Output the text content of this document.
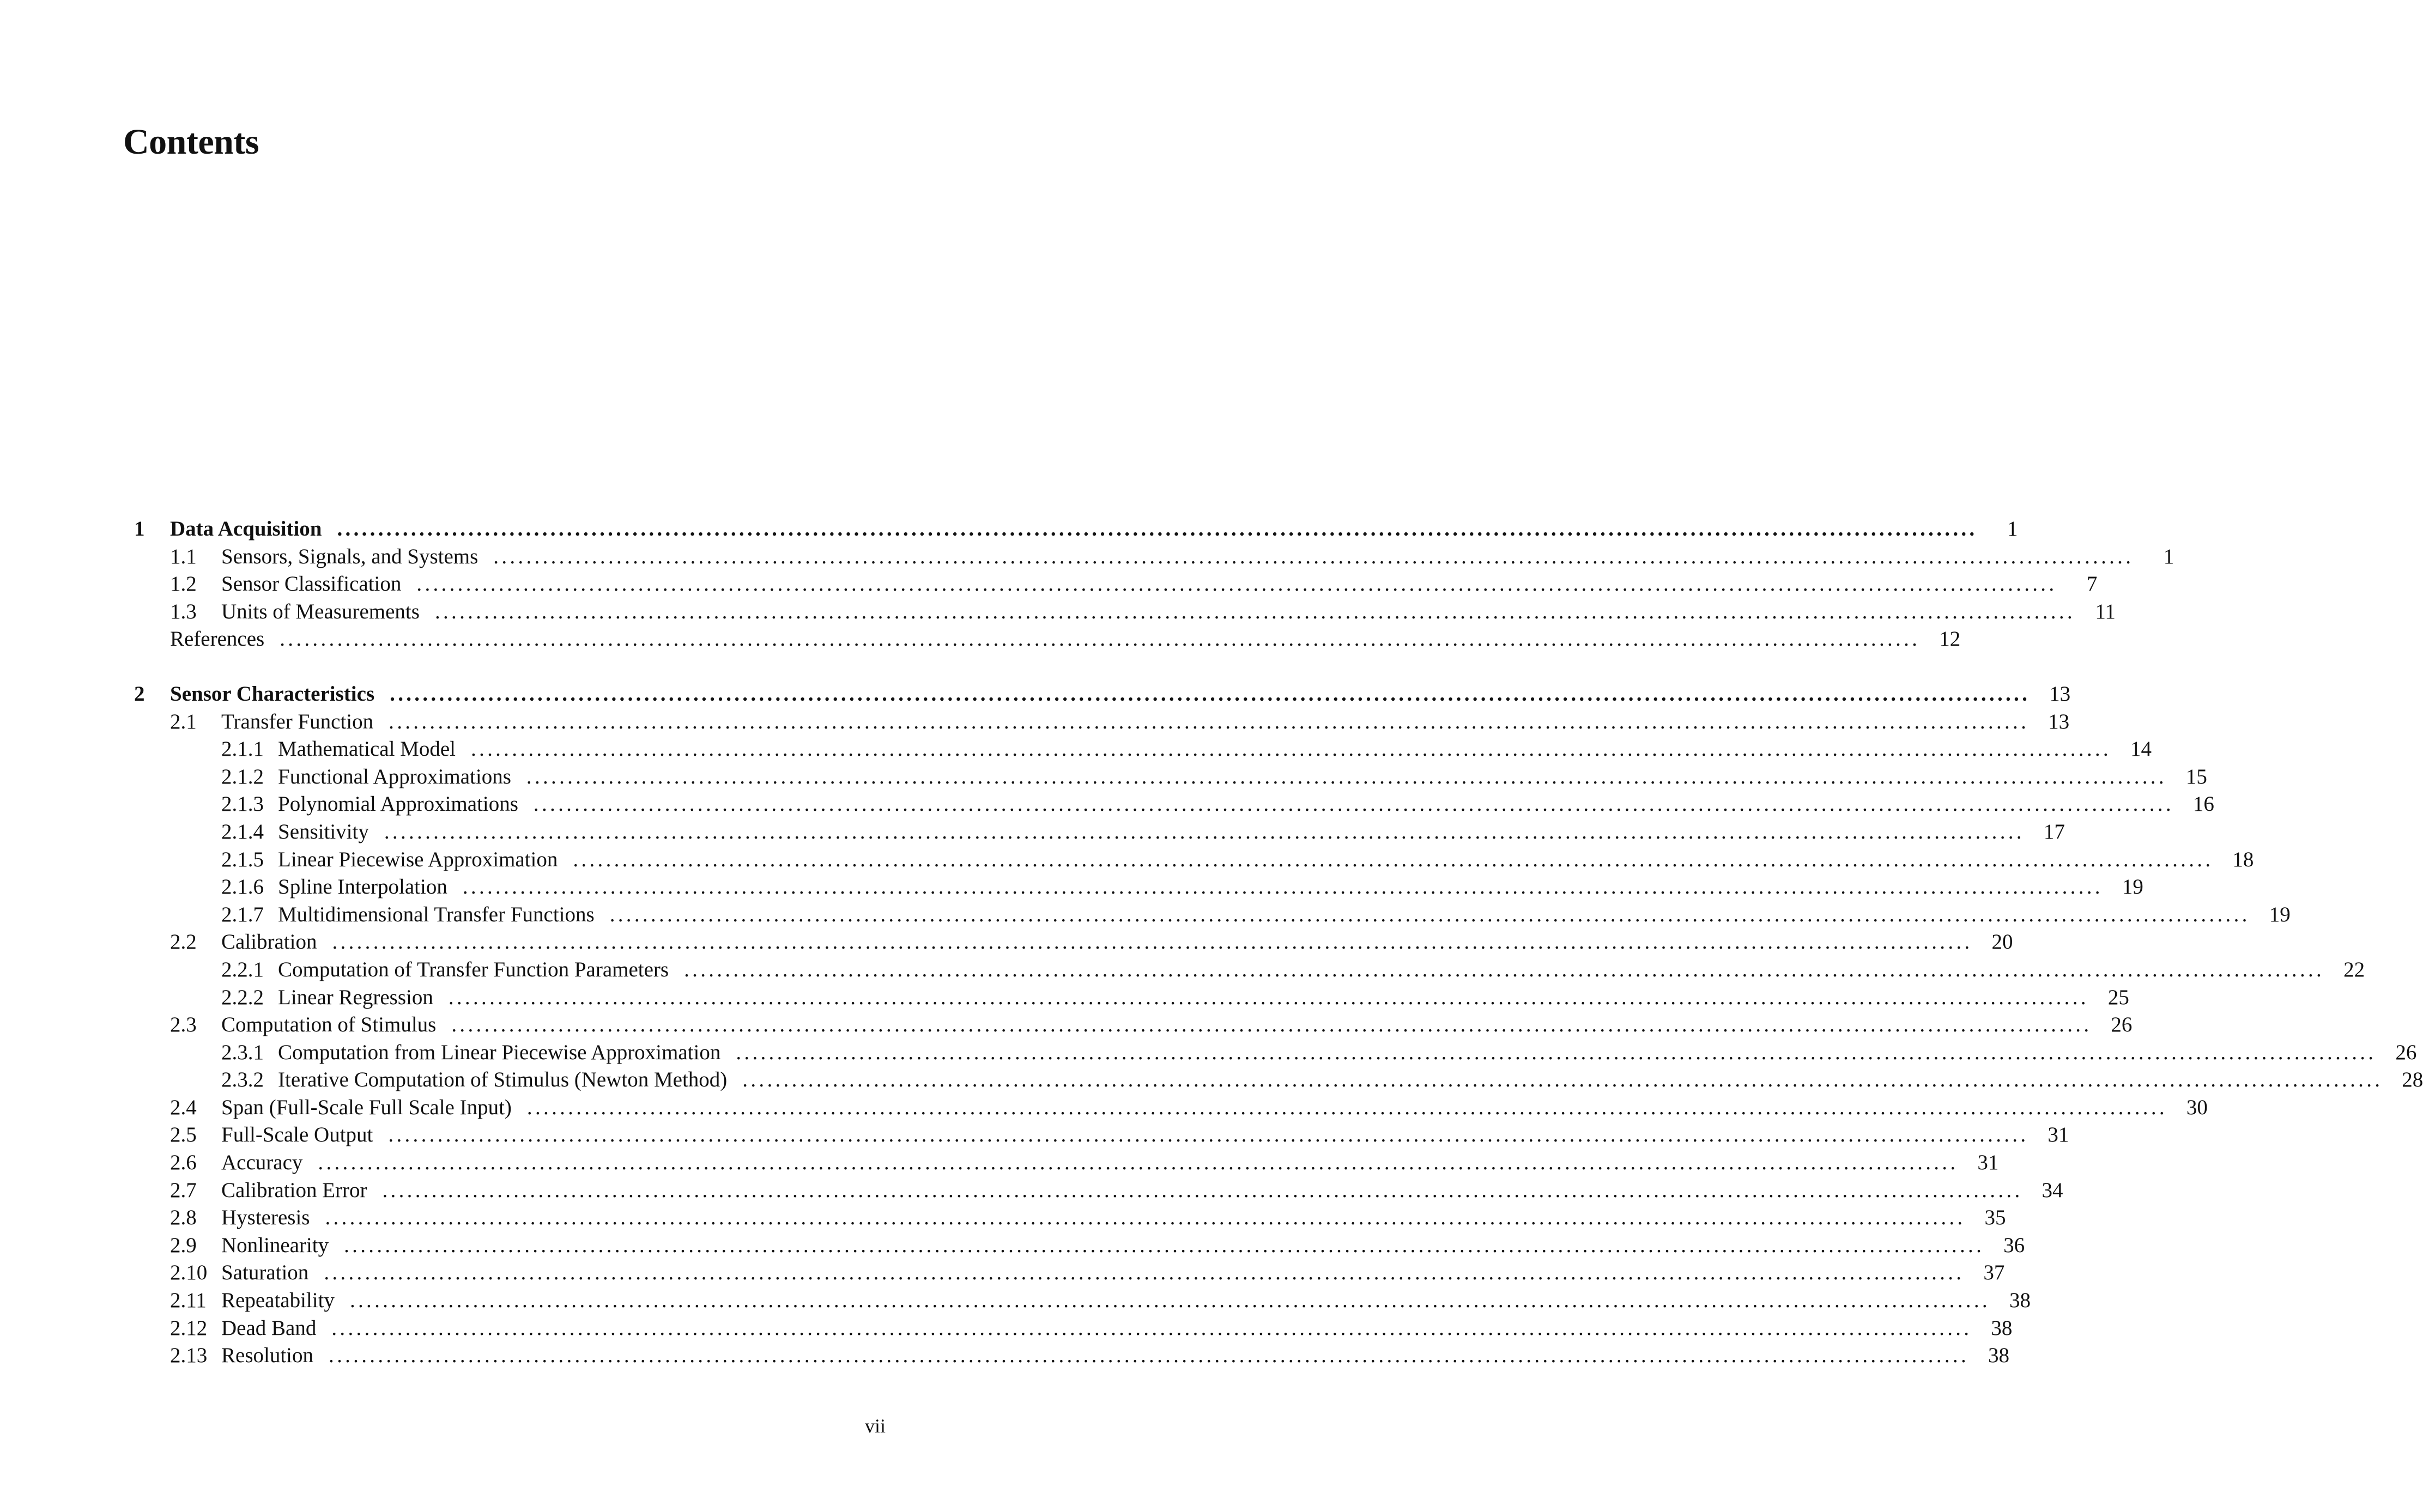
Contents
1 Data Acquisition ........................................................................................................................................................................................................	1
1.1 Sensors, Signals, and Systems ........................................................................................................................................................................................................	1
1.2 Sensor Classification ........................................................................................................................................................................................................	7
1.3 Units of Measurements ........................................................................................................................................................................................................ 11
References ........................................................................................................................................................................................................ 12
2 Sensor Characteristics ........................................................................................................................................................................................................ 13
2.1 Transfer Function ........................................................................................................................................................................................................ 13
2.1.1 Mathematical Model ........................................................................................................................................................................................................ 14
2.1.2 Functional Approximations ........................................................................................................................................................................................................ 15
2.1.3 Polynomial Approximations ........................................................................................................................................................................................................ 16
2.1.4 Sensitivity ........................................................................................................................................................................................................ 17
2.1.5 Linear Piecewise Approximation ........................................................................................................................................................................................................ 18
2.1.6 Spline Interpolation ........................................................................................................................................................................................................ 19
2.1.7 Multidimensional Transfer Functions ........................................................................................................................................................................................................ 19
2.2 Calibration ........................................................................................................................................................................................................ 20
2.2.1 Computation of Transfer Function Parameters ........................................................................................................................................................................................................ 22
2.2.2 Linear Regression ........................................................................................................................................................................................................ 25
2.3 Computation of Stimulus ........................................................................................................................................................................................................ 26
2.3.1 Computation from Linear Piecewise Approximation ........................................................................................................................................................................................................ 26
2.3.2 Iterative Computation of Stimulus (Newton Method) ........................................................................................................................................................................................................ 28
2.4 Span (Full-Scale Full Scale Input) ........................................................................................................................................................................................................ 30
2.5 Full-Scale Output ........................................................................................................................................................................................................ 31
2.6 Accuracy ........................................................................................................................................................................................................ 31
2.7 Calibration Error ........................................................................................................................................................................................................ 34
2.8 Hysteresis ........................................................................................................................................................................................................ 35
2.9 Nonlinearity ........................................................................................................................................................................................................ 36
2.10 Saturation ........................................................................................................................................................................................................ 37
2.11 Repeatability ........................................................................................................................................................................................................ 38
2.12 Dead Band ........................................................................................................................................................................................................ 38
2.13 Resolution ........................................................................................................................................................................................................ 38
vii
